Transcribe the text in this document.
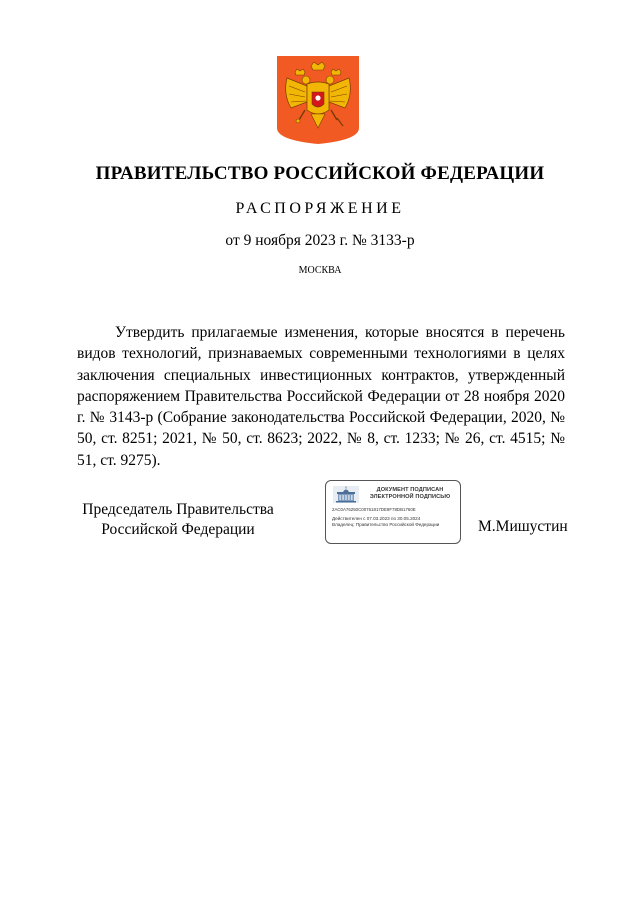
ПРАВИТЕЛЬСТВО РОССИЙСКОЙ ФЕДЕРАЦИИ
РАСПОРЯЖЕНИЕ
от 9 ноября 2023 г. № 3133-р
МОСКВА

Утвердить прилагаемые изменения, которые вносятся в перечень видов технологий, признаваемых современными технологиями в целях заключения специальных инвестиционных контрактов, утвержденный распоряжением Правительства Российской Федерации от 28 ноября 2020 г. № 3143-р (Собрание законодательства Российской Федерации, 2020, № 50, ст. 8251; 2021, № 50, ст. 8623; 2022, № 8, ст. 1233; № 26, ст. 4515; № 51, ст. 9275).

Председатель Правительства
Российской Федерации
ДОКУМЕНТ ПОДПИСАН
ЭЛЕКТРОННОЙ ПОДПИСЬЮ
2AC0A76250C00761817DE9F78DB1760E
Действителен с 07.03.2023 по 30.05.2024
Владелец: Правительство Российской Федерации	М.Мишустин
